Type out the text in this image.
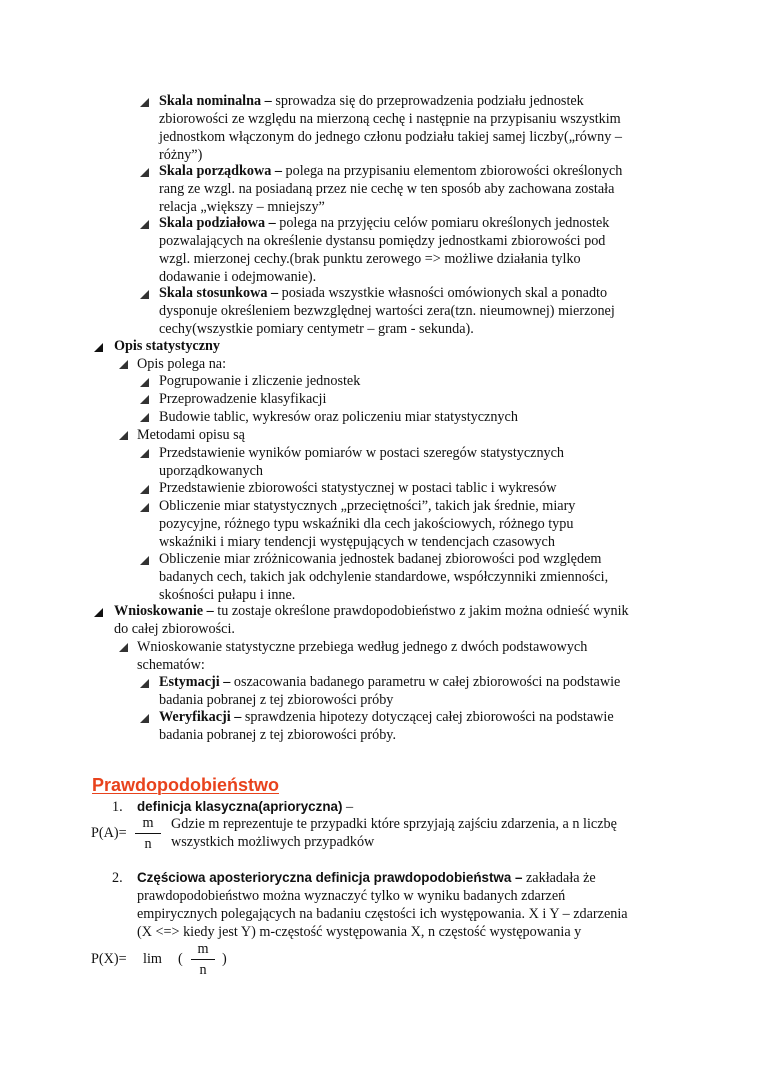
Skala nominalna – sprowadza się do przeprowadzenia podziału jednostek
zbiorowości ze względu na mierzoną cechę i następnie na przypisaniu wszystkim
jednostkom włączonym do jednego członu podziału takiej samej liczby(„równy –
różny”)
Skala porządkowa – polega na przypisaniu elementom zbiorowości określonych
rang ze wzgl. na posiadaną przez nie cechę w ten sposób aby zachowana została
relacja „większy – mniejszy”
Skala podziałowa – polega na przyjęciu celów pomiaru określonych jednostek
pozwalających na określenie dystansu pomiędzy jednostkami zbiorowości pod
wzgl. mierzonej cechy.(brak punktu zerowego => możliwe działania tylko
dodawanie i odejmowanie).
Skala stosunkowa – posiada wszystkie własności omówionych skal a ponadto
dysponuje określeniem bezwzględnej wartości zera(tzn. nieumownej) mierzonej
cechy(wszystkie pomiary centymetr – gram - sekunda).
Opis statystyczny
Opis polega na:
Pogrupowanie i zliczenie jednostek
Przeprowadzenie klasyfikacji
Budowie tablic, wykresów oraz policzeniu miar statystycznych
Metodami opisu są
Przedstawienie wyników pomiarów w postaci szeregów statystycznych
uporządkowanych
Przedstawienie zbiorowości statystycznej w postaci tablic i wykresów
Obliczenie miar statystycznych „przeciętności”, takich jak średnie, miary
pozycyjne, różnego typu wskaźniki dla cech jakościowych, różnego typu
wskaźniki i miary tendencji występujących w tendencjach czasowych
Obliczenie miar zróżnicowania jednostek badanej zbiorowości pod względem
badanych cech, takich jak odchylenie standardowe, współczynniki zmienności,
skośności pułapu i inne.
Wnioskowanie – tu zostaje określone prawdopodobieństwo z jakim można odnieść wynik
do całej zbiorowości.
Wnioskowanie statystyczne przebiega według jednego z dwóch podstawowych
schematów:
Estymacji – oszacowania badanego parametru w całej zbiorowości na podstawie
badania pobranej z tej zbiorowości próby
Weryfikacji – sprawdzenia hipotezy dotyczącej całej zbiorowości na podstawie
badania pobranej z tej zbiorowości próby.
Prawdopodobieństwo
1. definicja klasyczna(aprioryczna) –
P(A)=
m
n
Gdzie m reprezentuje te przypadki które sprzyjają zajściu zdarzenia, a n liczbę
wszystkich możliwych przypadków
2. Częściowa aposterioryczna definicja prawdopodobieństwa – zakładała że
prawdopodobieństwo można wyznaczyć tylko w wyniku badanych zdarzeń
empirycznych polegających na badaniu częstości ich występowania. X i Y – zdarzenia
(X <=> kiedy jest Y) m-częstość występowania X, n częstość występowania y
P(X)= lim (
m
n
)
